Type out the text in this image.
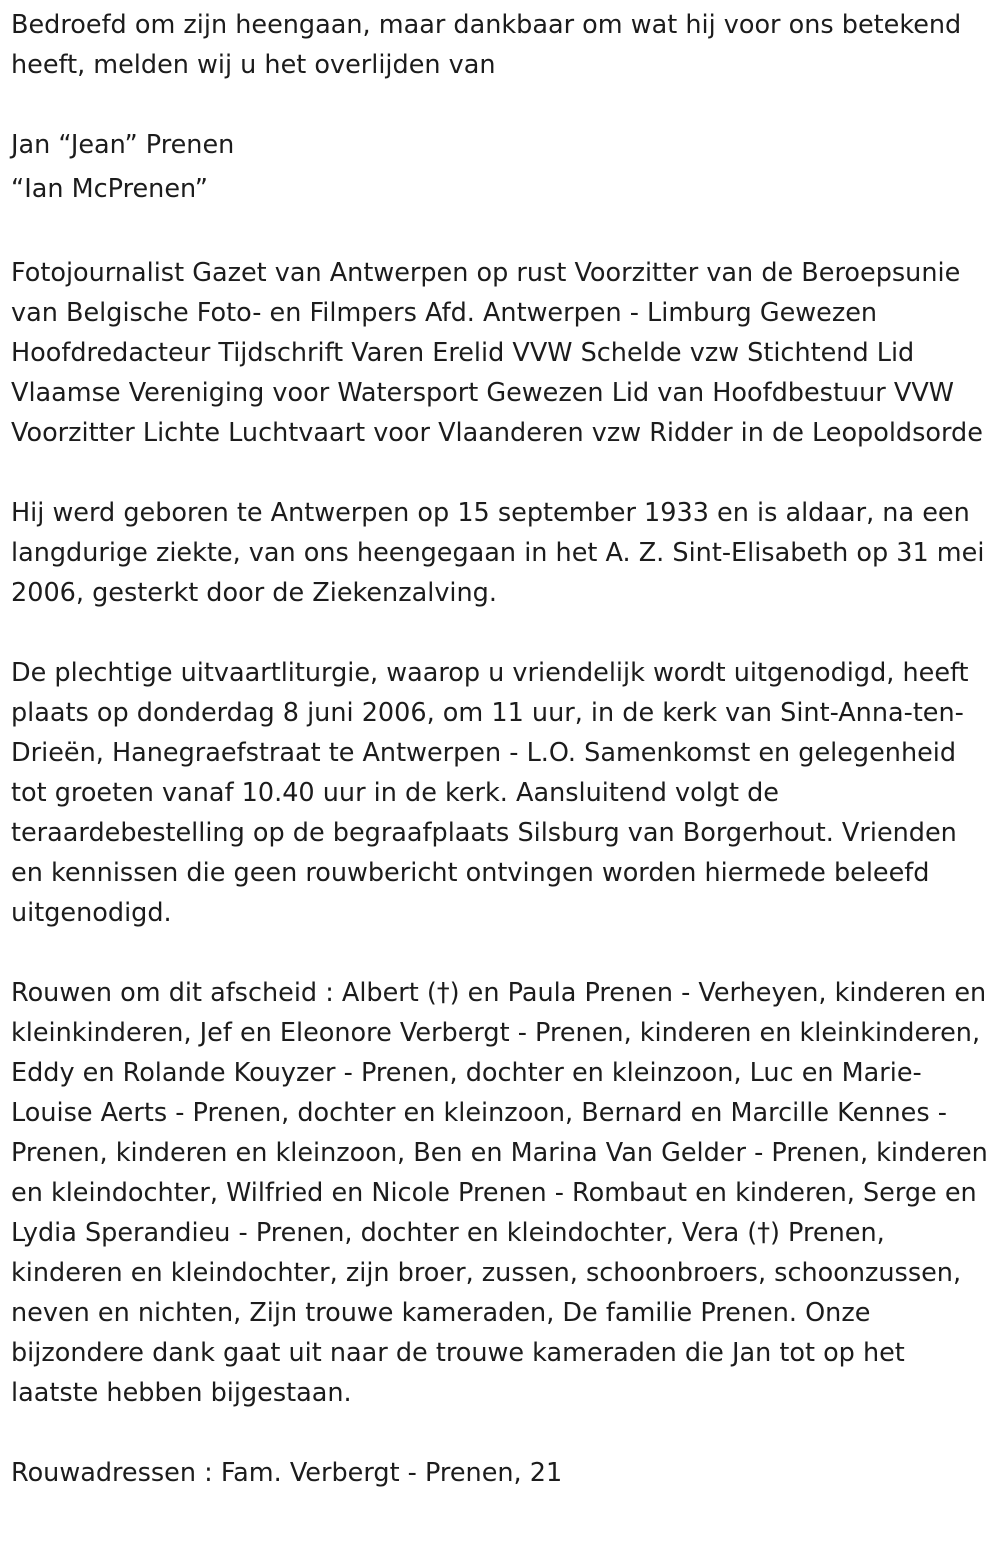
Bedroefd om zijn heengaan, maar dankbaar om wat hij voor ons betekend heeft, melden wij u het overlijden van

Jan “Jean” Prenen

“Ian McPrenen”

Fotojournalist Gazet van Antwerpen op rust Voorzitter van de Beroepsunie van Belgische Foto- en Filmpers Afd. Antwerpen - Limburg Gewezen Hoofdredacteur Tijdschrift Varen Erelid VVW Schelde vzw Stichtend Lid Vlaamse Vereniging voor Watersport Gewezen Lid van Hoofdbestuur VVW Voorzitter Lichte Luchtvaart voor Vlaanderen vzw Ridder in de Leopoldsorde

Hij werd geboren te Antwerpen op 15 september 1933 en is aldaar, na een langdurige ziekte, van ons heengegaan in het A. Z. Sint-Elisabeth op 31 mei 2006, gesterkt door de Ziekenzalving.

De plechtige uitvaartliturgie, waarop u vriendelijk wordt uitgenodigd, heeft plaats op donderdag 8 juni 2006, om 11 uur, in de kerk van Sint-Anna-ten-Drieën, Hanegraefstraat te Antwerpen - L.O. Samenkomst en gelegenheid tot groeten vanaf 10.40 uur in de kerk. Aansluitend volgt de teraardebestelling op de begraafplaats Silsburg van Borgerhout. Vrienden en kennissen die geen rouwbericht ontvingen worden hiermede beleefd uitgenodigd.

Rouwen om dit afscheid : Albert (†) en Paula Prenen - Verheyen, kinderen en kleinkinderen, Jef en Eleonore Verbergt - Prenen, kinderen en kleinkinderen, Eddy en Rolande Kouyzer - Prenen, dochter en kleinzoon, Luc en Marie-Louise Aerts - Prenen, dochter en kleinzoon, Bernard en Marcille Kennes - Prenen, kinderen en kleinzoon, Ben en Marina Van Gelder - Prenen, kinderen en kleindochter, Wilfried en Nicole Prenen - Rombaut en kinderen, Serge en Lydia Sperandieu - Prenen, dochter en kleindochter, Vera (†) Prenen, kinderen en kleindochter, zijn broer, zussen, schoonbroers, schoonzussen, neven en nichten, Zijn trouwe kameraden, De familie Prenen. Onze bijzondere dank gaat uit naar de trouwe kameraden die Jan tot op het laatste hebben bijgestaan.

Rouwadressen : Fam. Verbergt - Prenen, 21
